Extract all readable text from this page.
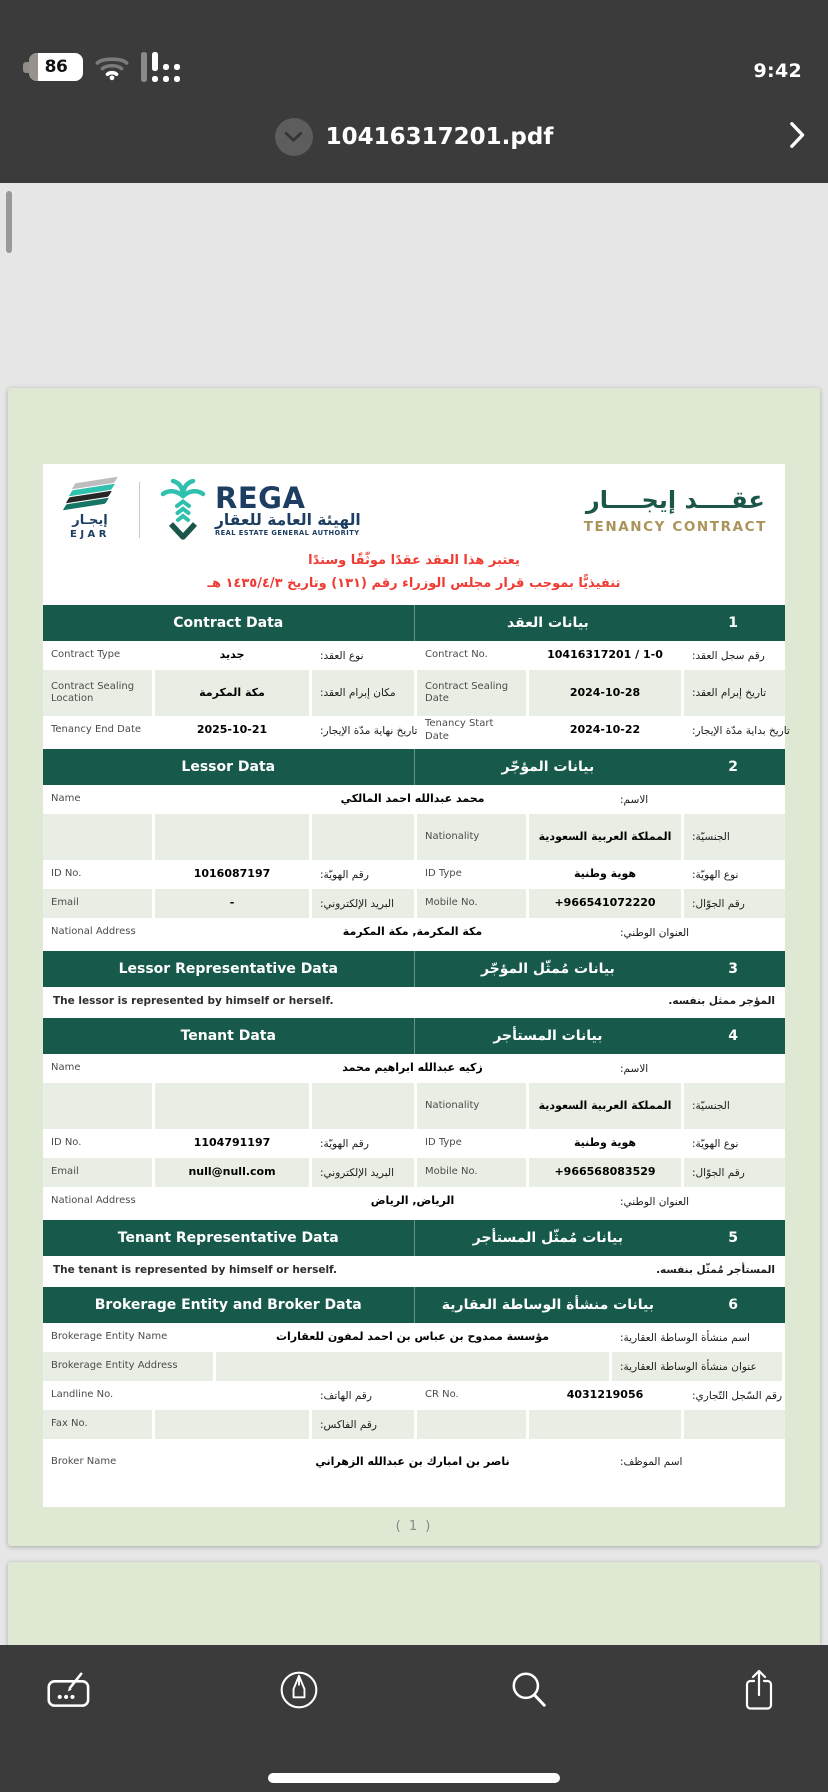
86	9:42
10416317201.pdf
إيجـار
EJAR
REGA
الهيئة العامة للعقار
REAL ESTATE GENERAL AUTHORITY
عقــــد إيجــــار
TENANCY CONTRACT
يعتبر هذا العقد عقدًا موثّقًا وسندًا
تنفيذيًّا بموجب قرار مجلس الوزراء رقم (١٣١) وتاريخ ١٤٣٥/٤/٣ هـ
Contract Data	بيانات العقد	1
Contract Type	جديد	نوع العقد:	Contract No.	10416317201 / 1-0	رقم سجل العقد:
Contract Sealing Location	مكة المكرمة	مكان إبرام العقد:
Contract Sealing Date	2024-10-28	تاريخ إبرام العقد:
Tenancy End Date	2025-10-21	تاريخ نهاية مدّة الإيجار:
Tenancy Start Date	2024-10-22	تاريخ بداية مدّة الإيجار:
Lessor Data	بيانات المؤجّر	2
Name	محمد عبدالله احمد المالكي	الاسم:
Nationality	المملكة العربية السعودية	الجنسيّة:
ID No.	1016087197	رقم الهويّة:	ID Type	هوية وطنية	نوع الهويّة:
Email	-	البريد الإلكتروني:	Mobile No.	+966541072220	رقم الجوّال:
National Address	مكة المكرمة, مكة المكرمة	العنوان الوطني:
Lessor Representative Data	بيانات مُمثّل المؤجّر	3
The lessor is represented by himself or herself.	المؤجر ممثل بنفسه.
Tenant Data	بيانات المستأجر	4
Name	زكيه عبدالله ابراهيم محمد	الاسم:
Nationality	المملكة العربية السعودية	الجنسيّة:
ID No.	1104791197	رقم الهويّة:	ID Type	هوية وطنية	نوع الهويّة:
Email	null@null.com	البريد الإلكتروني:	Mobile No.	+966568083529	رقم الجوّال:
National Address	الرياض, الرياض	العنوان الوطني:
Tenant Representative Data	بيانات مُمثّل المستأجر	5
The tenant is represented by himself or herself.	المستأجر مُمثّل بنفسه.
Brokerage Entity and Broker Data	بيانات منشأة الوساطة العقارية	6
Brokerage Entity Name	مؤسسة ممدوح بن عباس بن احمد لمفون للعقارات	اسم منشأة الوساطة العقارية:
Brokerage Entity Address	عنوان منشأة الوساطة العقارية:
Landline No.	رقم الهاتف:	CR No.	4031219056	رقم السّجل التّجاري:
Fax No.	رقم الفاكس:
Broker Name	ناصر بن امبارك بن عبدالله الزهراني	اسم الموظف:
( 1 )
